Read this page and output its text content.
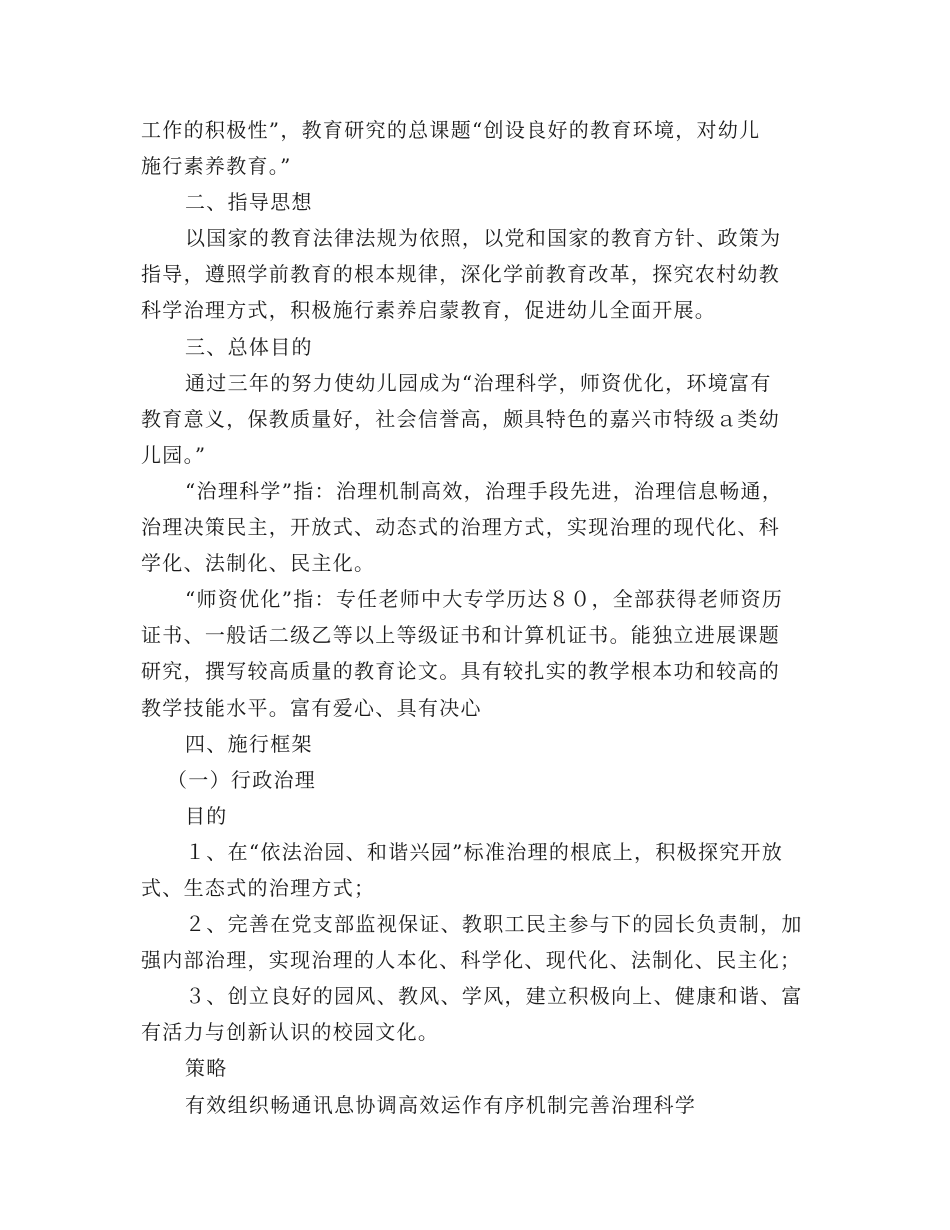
工作的积极性”，教育研究的总课题“创设良好的教育环境，对幼儿
施行素养教育。”
二、指导思想
以国家的教育法律法规为依照，以党和国家的教育方针、政策为
指导，遵照学前教育的根本规律，深化学前教育改革，探究农村幼教
科学治理方式，积极施行素养启蒙教育，促进幼儿全面开展。
三、总体目的
通过三年的努力使幼儿园成为“治理科学，师资优化，环境富有
教育意义，保教质量好，社会信誉高，颇具特色的嘉兴市特级ａ类幼
儿园。”
“治理科学”指：治理机制高效，治理手段先进，治理信息畅通，
治理决策民主，开放式、动态式的治理方式，实现治理的现代化、科
学化、法制化、民主化。
“师资优化”指：专任老师中大专学历达８０，全部获得老师资历
证书、一般话二级乙等以上等级证书和计算机证书。能独立进展课题
研究，撰写较高质量的教育论文。具有较扎实的教学根本功和较高的
教学技能水平。富有爱心、具有决心
四、施行框架
（一）行政治理
目的
１、在“依法治园、和谐兴园”标准治理的根底上，积极探究开放
式、生态式的治理方式；
２、完善在党支部监视保证、教职工民主参与下的园长负责制，加
强内部治理，实现治理的人本化、科学化、现代化、法制化、民主化；
３、创立良好的园风、教风、学风，建立积极向上、健康和谐、富
有活力与创新认识的校园文化。
策略
有效组织畅通讯息协调高效运作有序机制完善治理科学
